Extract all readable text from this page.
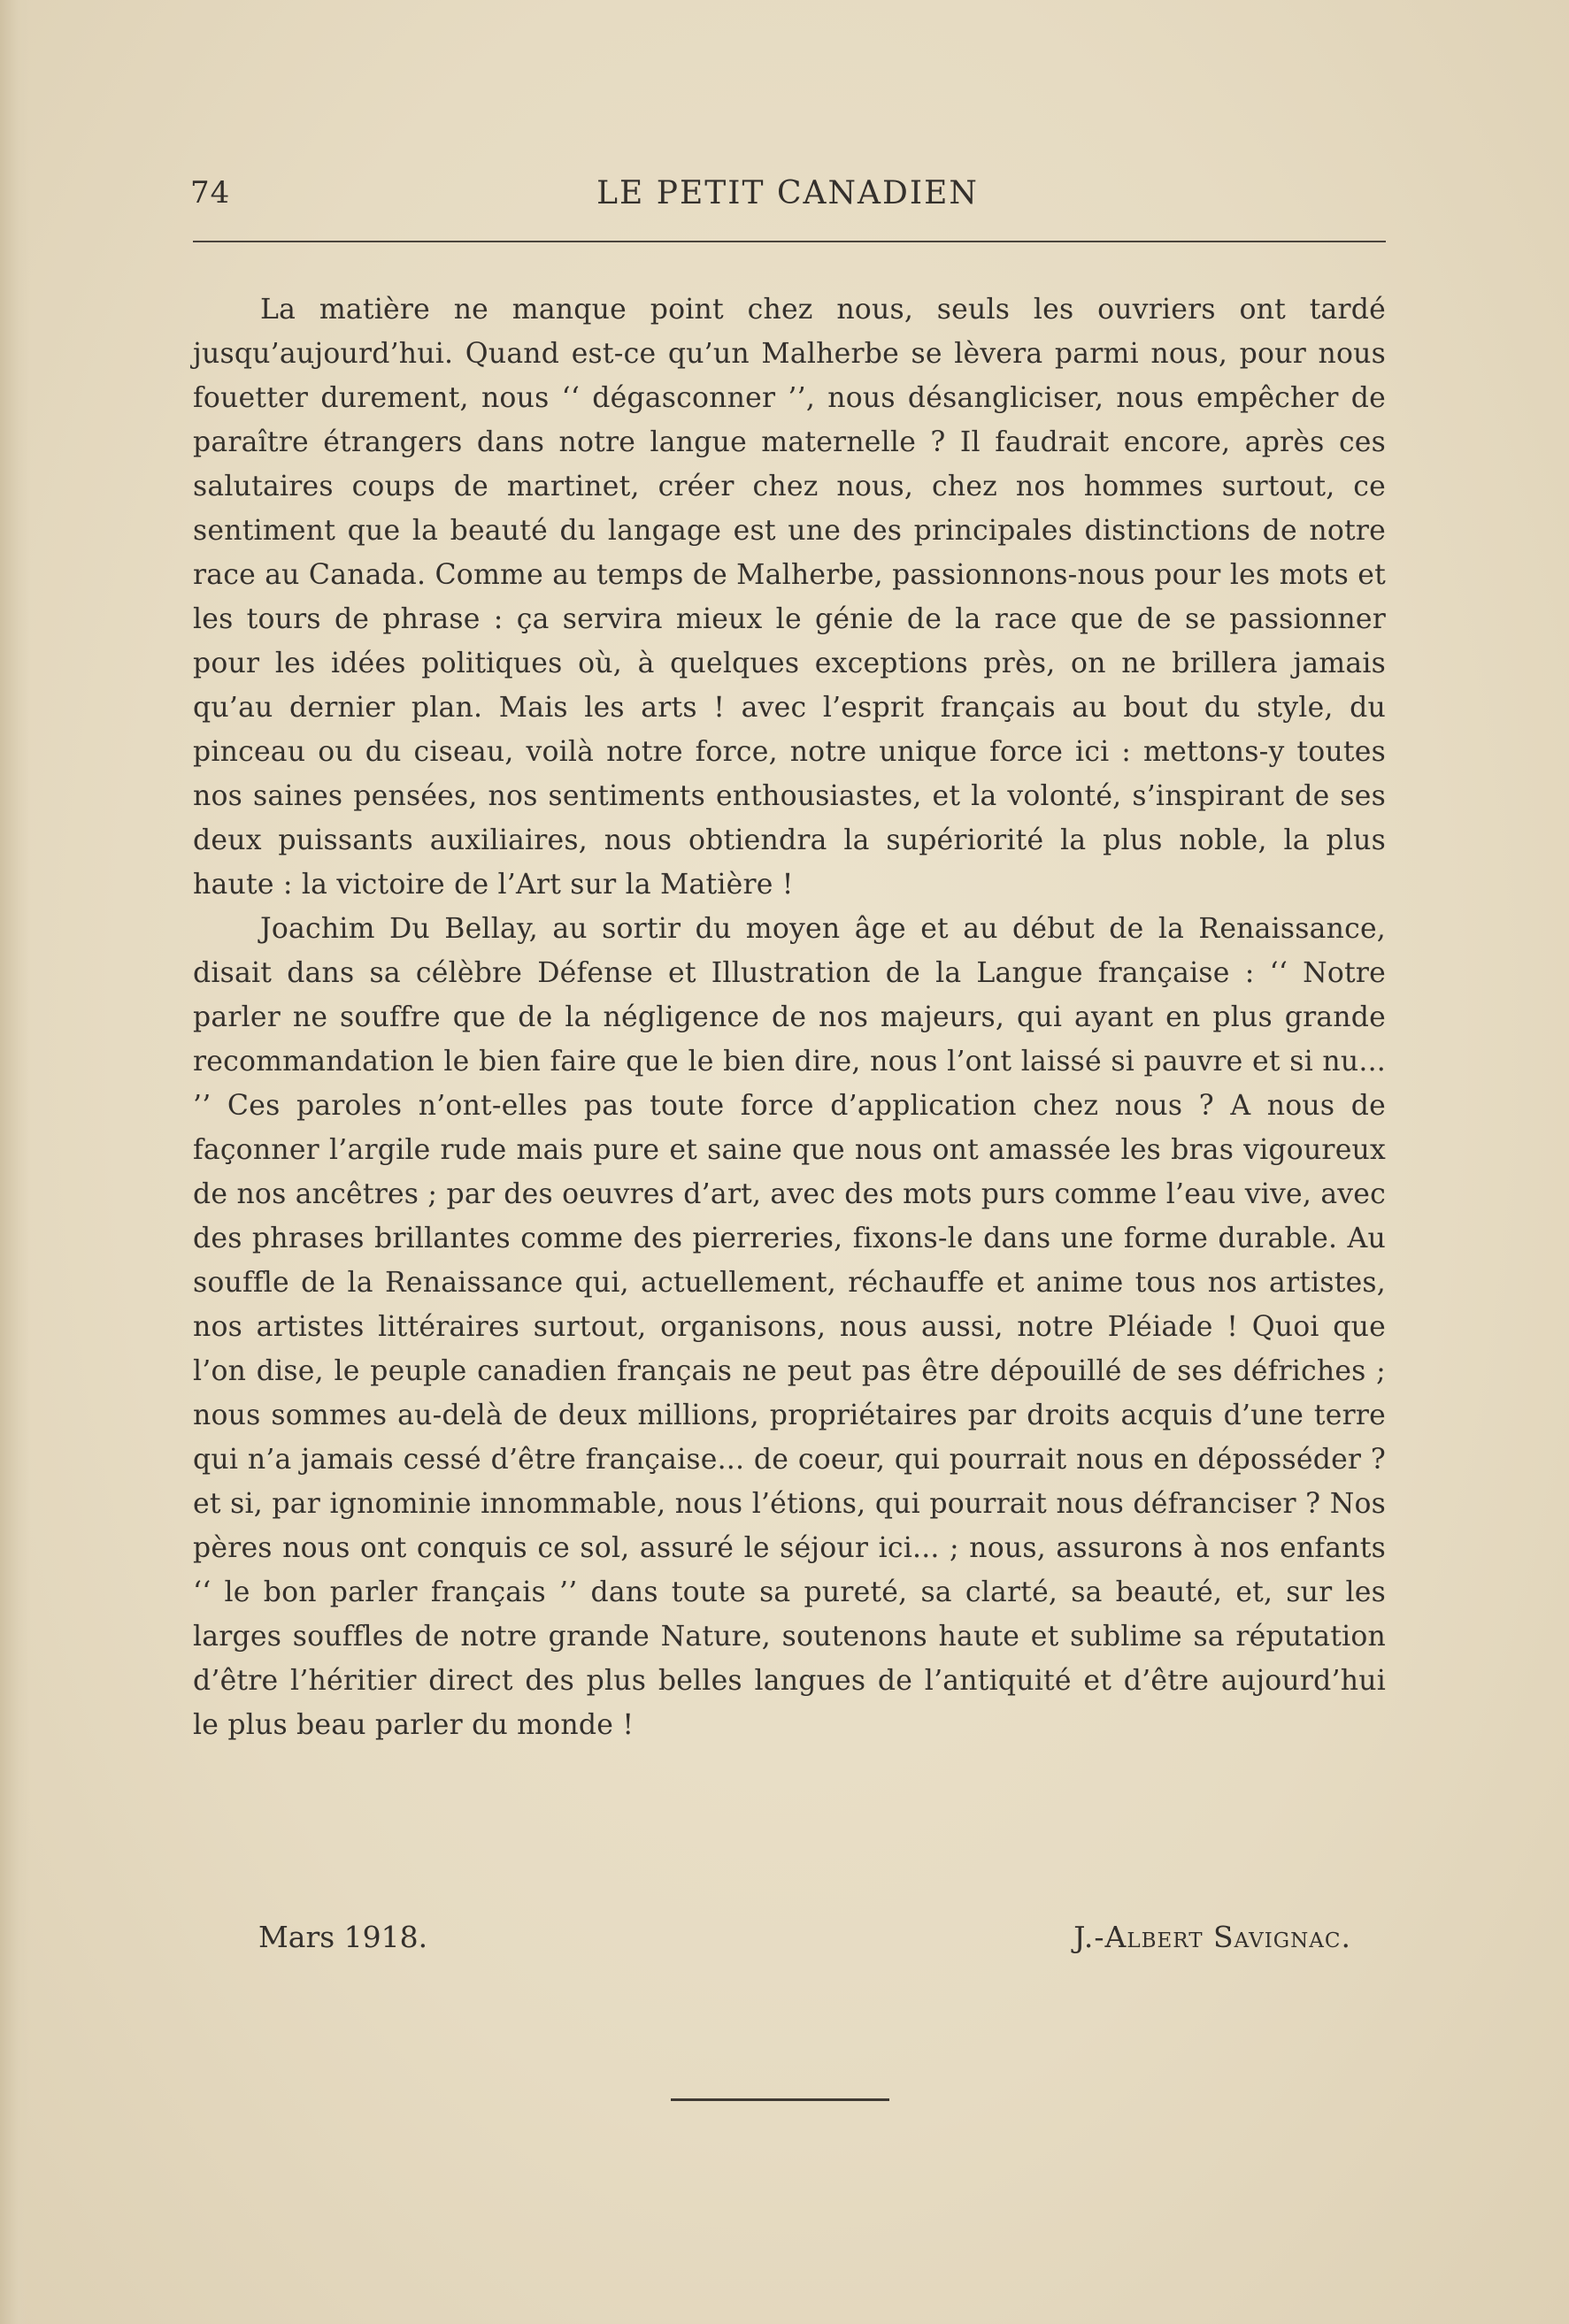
74	LE PETIT CANADIEN

La matière ne manque point chez nous, seuls les ouvriers ont tardé jusqu’aujourd’hui. Quand est-ce qu’un Malherbe se lèvera parmi nous, pour nous fouetter durement, nous ‘‘ dégasconner ’’, nous désangliciser, nous empêcher de paraître étrangers dans notre langue maternelle ? Il faudrait encore, après ces salutaires coups de martinet, créer chez nous, chez nos hommes surtout, ce sentiment que la beauté du langage est une des principales distinctions de notre race au Canada. Comme au temps de Malherbe, passionnons-nous pour les mots et les tours de phrase : ça servira mieux le génie de la race que de se passionner pour les idées politiques où, à quelques exceptions près, on ne brillera jamais qu’au dernier plan. Mais les arts ! avec l’esprit français au bout du style, du pinceau ou du ciseau, voilà notre force, notre unique force ici : mettons-y toutes nos saines pensées, nos sentiments enthousiastes, et la volonté, s’inspirant de ses deux puissants auxiliaires, nous obtiendra la supériorité la plus noble, la plus haute : la victoire de l’Art sur la Matière !

Joachim Du Bellay, au sortir du moyen âge et au début de la Renaissance, disait dans sa célèbre Défense et Illustration de la Langue française : ‘‘ Notre parler ne souffre que de la négligence de nos majeurs, qui ayant en plus grande recommandation le bien faire que le bien dire, nous l’ont laissé si pauvre et si nu... ’’ Ces paroles n’ont-elles pas toute force d’application chez nous ? A nous de façonner l’argile rude mais pure et saine que nous ont amassée les bras vigoureux de nos ancêtres ; par des oeuvres d’art, avec des mots purs comme l’eau vive, avec des phrases brillantes comme des pierreries, fixons-le dans une forme durable. Au souffle de la Renaissance qui, actuellement, réchauffe et anime tous nos artistes, nos artistes littéraires surtout, organisons, nous aussi, notre Pléiade ! Quoi que l’on dise, le peuple canadien français ne peut pas être dépouillé de ses défriches ; nous sommes au-delà de deux millions, propriétaires par droits acquis d’une terre qui n’a jamais cessé d’être française... de coeur, qui pourrait nous en déposséder ? et si, par ignominie innommable, nous l’étions, qui pourrait nous défranciser ? Nos pères nous ont conquis ce sol, assuré le séjour ici... ; nous, assurons à nos enfants ‘‘ le bon parler français ’’ dans toute sa pureté, sa clarté, sa beauté, et, sur les larges souffles de notre grande Nature, soutenons haute et sublime sa réputation d’être l’héritier direct des plus belles langues de l’antiquité et d’être aujourd’hui le plus beau parler du monde !

Mars 1918.	J.-Albert Savignac.
